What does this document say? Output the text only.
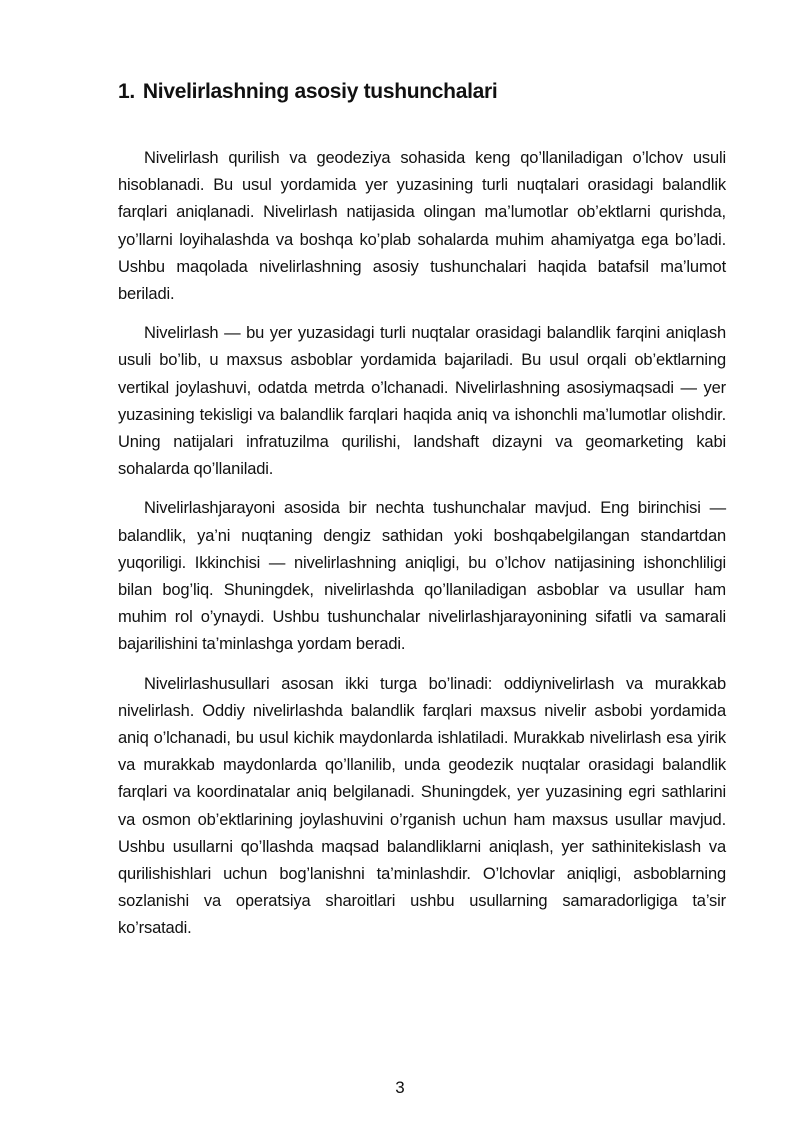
1. Nivelirlashning asosiy tushunchalari

Nivelirlash qurilish va geodeziya sohasida keng qo’llaniladigan o’lchov usuli hisoblanadi. Bu usul yordamida yer yuzasining turli nuqtalari orasidagi balandlik farqlari aniqlanadi. Nivelirlash natijasida olingan ma’lumotlar ob’ektlarni qurishda, yo’llarni loyihalashda va boshqa ko’plab sohalarda muhim ahamiyatga ega bo’ladi. Ushbu maqolada nivelirlashning asosiy tushunchalari haqida batafsil ma’lumot beriladi.

Nivelirlash — bu yer yuzasidagi turli nuqtalar orasidagi balandlik farqini aniqlash usuli bo’lib, u maxsus asboblar yordamida bajariladi. Bu usul orqali ob’ektlarning vertikal joylashuvi, odatda metrda o’lchanadi. Nivelirlashning asosiymaqsadi — yer yuzasining tekisligi va balandlik farqlari haqida aniq va ishonchli ma’lumotlar olishdir. Uning natijalari infratuzilma qurilishi, landshaft dizayni va geomarketing kabi sohalarda qo’llaniladi.

Nivelirlashjarayoni asosida bir nechta tushunchalar mavjud. Eng birinchisi — balandlik, ya’ni nuqtaning dengiz sathidan yoki boshqabelgilangan standartdan yuqoriligi. Ikkinchisi — nivelirlashning aniqligi, bu o’lchov natijasining ishonchliligi bilan bog’liq. Shuningdek, nivelirlashda qo’llaniladigan asboblar va usullar ham muhim rol o’ynaydi. Ushbu tushunchalar nivelirlashjarayonining sifatli va samarali bajarilishini ta’minlashga yordam beradi.

Nivelirlashusullari asosan ikki turga bo’linadi: oddiynivelirlash va murakkab nivelirlash. Oddiy nivelirlashda balandlik farqlari maxsus nivelir asbobi yordamida aniq o’lchanadi, bu usul kichik maydonlarda ishlatiladi. Murakkab nivelirlash esa yirik va murakkab maydonlarda qo’llanilib, unda geodezik nuqtalar orasidagi balandlik farqlari va koordinatalar aniq belgilanadi. Shuningdek, yer yuzasining egri sathlarini va osmon ob’ektlarining joylashuvini o’rganish uchun ham maxsus usullar mavjud. Ushbu usullarni qo’llashda maqsad balandliklarni aniqlash, yer sathinitekislash va qurilishishlari uchun bog’lanishni ta’minlashdir. O’lchovlar aniqligi, asboblarning sozlanishi va operatsiya sharoitlari ushbu usullarning samaradorligiga ta’sir ko’rsatadi.

3
